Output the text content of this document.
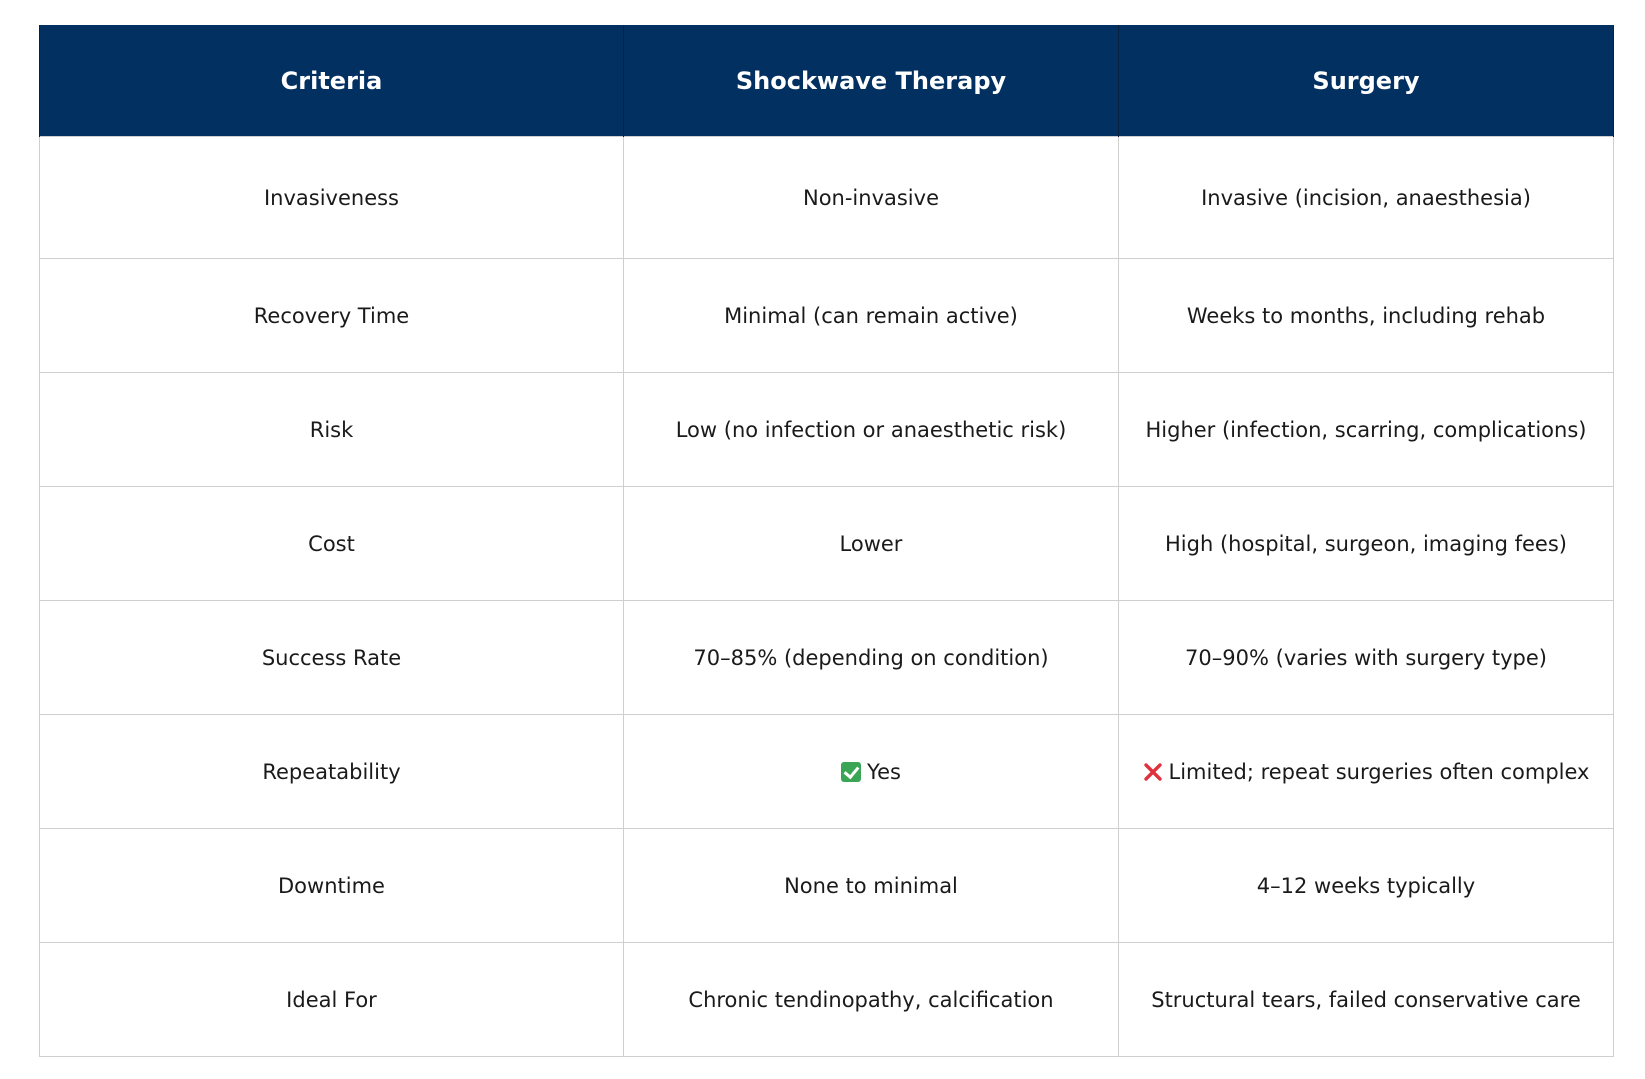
Criteria	Shockwave Therapy	Surgery
Invasiveness	Non-invasive	Invasive (incision, anaesthesia)
Recovery Time	Minimal (can remain active)	Weeks to months, including rehab
Risk	Low (no infection or anaesthetic risk)	Higher (infection, scarring, complications)
Cost	Lower	High (hospital, surgeon, imaging fees)
Success Rate	70–85% (depending on condition)	70–90% (varies with surgery type)
Repeatability	Yes	Limited; repeat surgeries often complex
Downtime	None to minimal	4–12 weeks typically
Ideal For	Chronic tendinopathy, calcification	Structural tears, failed conservative care
